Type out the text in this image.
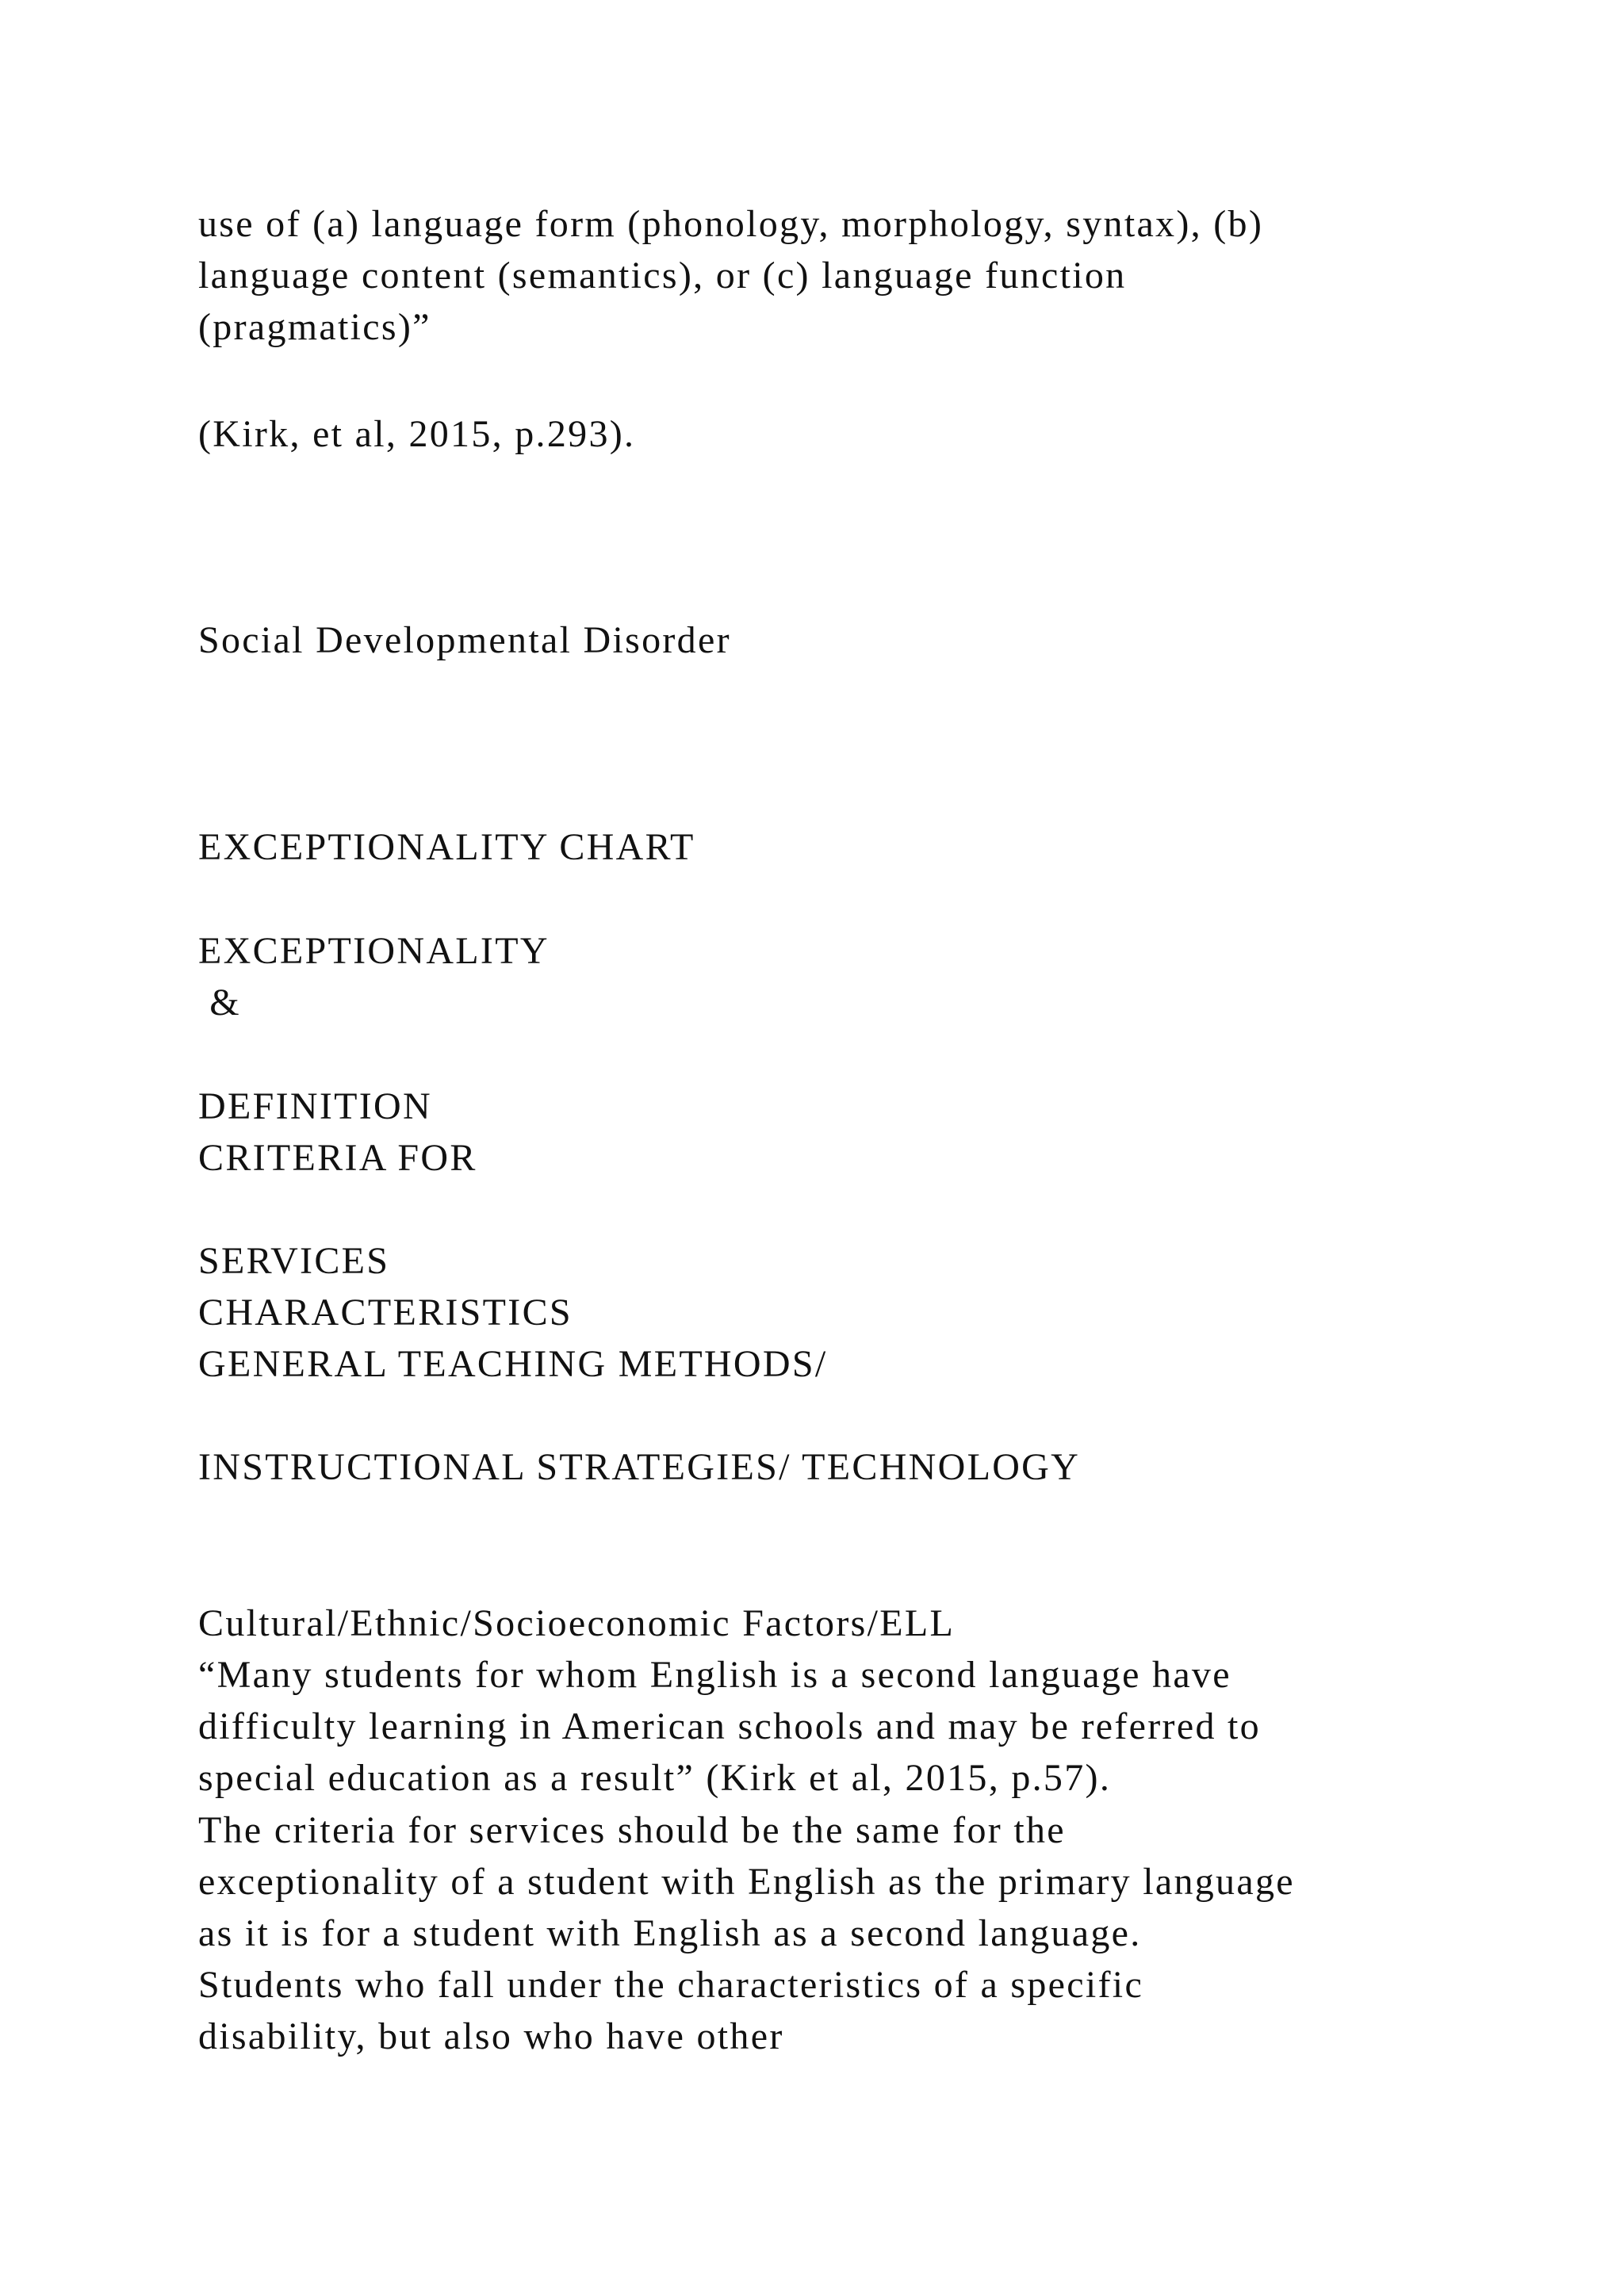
use of (a) language form (phonology, morphology, syntax), (b)

language content (semantics), or (c) language function

(pragmatics)”

(Kirk, et al, 2015, p.293).

Social Developmental Disorder

EXCEPTIONALITY CHART

EXCEPTIONALITY

&

DEFINITION

CRITERIA FOR

SERVICES

CHARACTERISTICS

GENERAL TEACHING METHODS/

INSTRUCTIONAL STRATEGIES/ TECHNOLOGY

Cultural/Ethnic/Socioeconomic Factors/ELL

“Many students for whom English is a second language have

difficulty learning in American schools and may be referred to

special education as a result” (Kirk et al, 2015, p.57).

The criteria for services should be the same for the

exceptionality of a student with English as the primary language

as it is for a student with English as a second language.

Students who fall under the characteristics of a specific

disability, but also who have other
